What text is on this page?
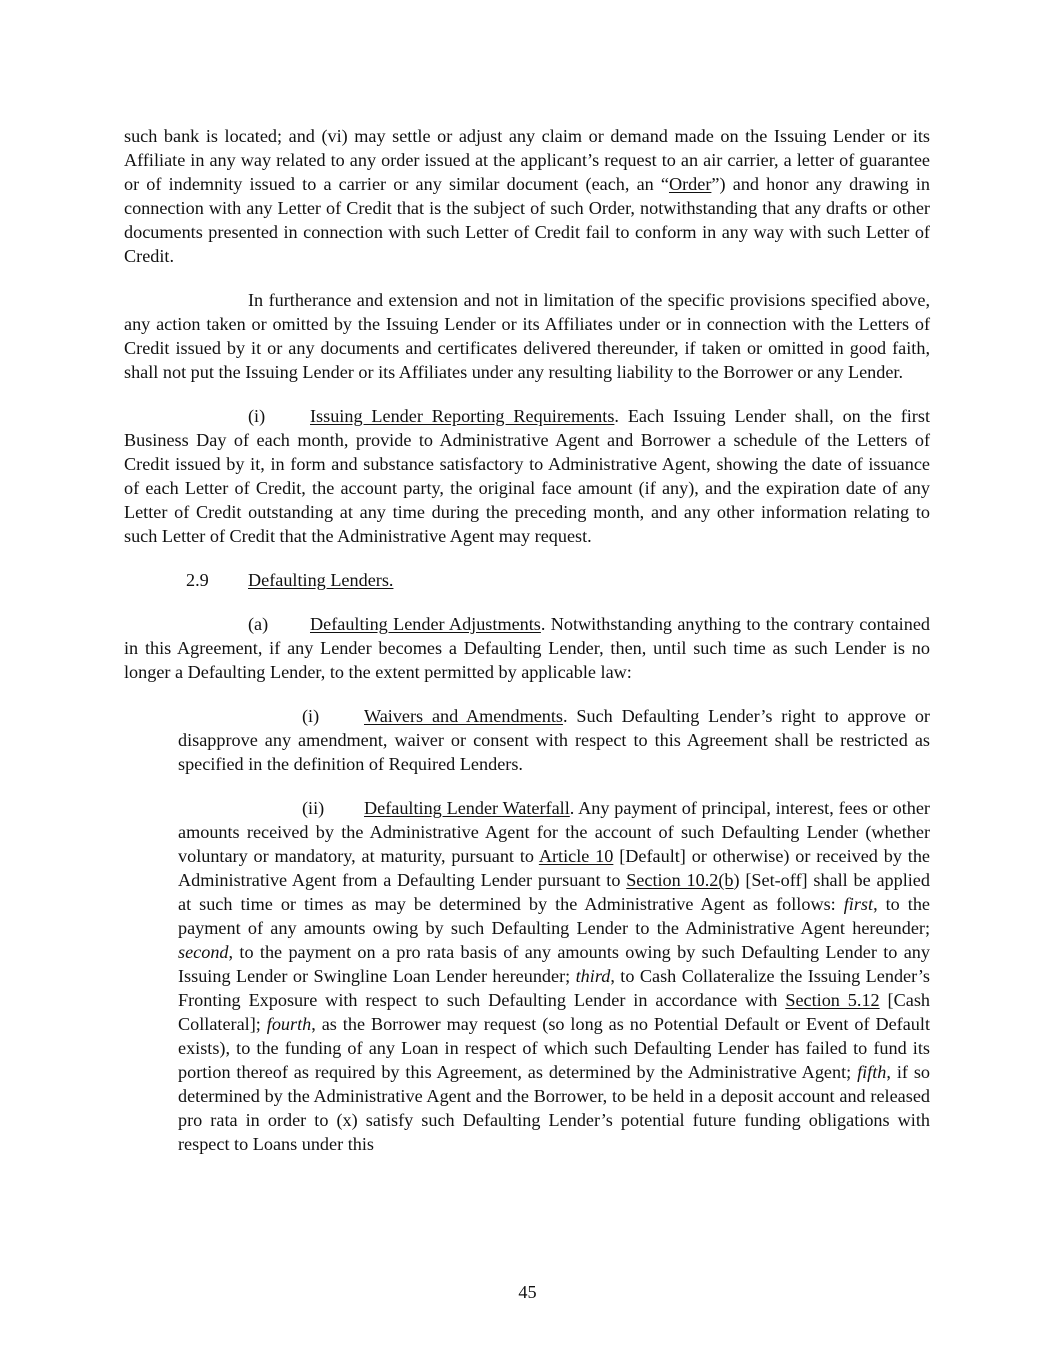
such bank is located; and (vi) may settle or adjust any claim or demand made on the Issuing Lender or its Affiliate in any way related to any order issued at the applicant’s request to an air carrier, a letter of guarantee or of indemnity issued to a carrier or any similar document (each, an “Order”) and honor any drawing in connection with any Letter of Credit that is the subject of such Order, notwithstanding that any drafts or other documents presented in connection with such Letter of Credit fail to conform in any way with such Letter of Credit.

In furtherance and extension and not in limitation of the specific provisions specified above, any action taken or omitted by the Issuing Lender or its Affiliates under or in connection with the Letters of Credit issued by it or any documents and certificates delivered thereunder, if taken or omitted in good faith, shall not put the Issuing Lender or its Affiliates under any resulting liability to the Borrower or any Lender.

(i) Issuing Lender Reporting Requirements. Each Issuing Lender shall, on the first Business Day of each month, provide to Administrative Agent and Borrower a schedule of the Letters of Credit issued by it, in form and substance satisfactory to Administrative Agent, showing the date of issuance of each Letter of Credit, the account party, the original face amount (if any), and the expiration date of any Letter of Credit outstanding at any time during the preceding month, and any other information relating to such Letter of Credit that the Administrative Agent may request.

2.9 Defaulting Lenders.

(a) Defaulting Lender Adjustments. Notwithstanding anything to the contrary contained in this Agreement, if any Lender becomes a Defaulting Lender, then, until such time as such Lender is no longer a Defaulting Lender, to the extent permitted by applicable law:

(i) Waivers and Amendments. Such Defaulting Lender’s right to approve or disapprove any amendment, waiver or consent with respect to this Agreement shall be restricted as specified in the definition of Required Lenders.

(ii) Defaulting Lender Waterfall. Any payment of principal, interest, fees or other amounts received by the Administrative Agent for the account of such Defaulting Lender (whether voluntary or mandatory, at maturity, pursuant to Article 10 [Default] or otherwise) or received by the Administrative Agent from a Defaulting Lender pursuant to Section 10.2(b) [Set-off] shall be applied at such time or times as may be determined by the Administrative Agent as follows: first, to the payment of any amounts owing by such Defaulting Lender to the Administrative Agent hereunder; second, to the payment on a pro rata basis of any amounts owing by such Defaulting Lender to any Issuing Lender or Swingline Loan Lender hereunder; third, to Cash Collateralize the Issuing Lender’s Fronting Exposure with respect to such Defaulting Lender in accordance with Section 5.12 [Cash Collateral]; fourth, as the Borrower may request (so long as no Potential Default or Event of Default exists), to the funding of any Loan in respect of which such Defaulting Lender has failed to fund its portion thereof as required by this Agreement, as determined by the Administrative Agent; fifth, if so determined by the Administrative Agent and the Borrower, to be held in a deposit account and released pro rata in order to (x) satisfy such Defaulting Lender’s potential future funding obligations with respect to Loans under this

45
